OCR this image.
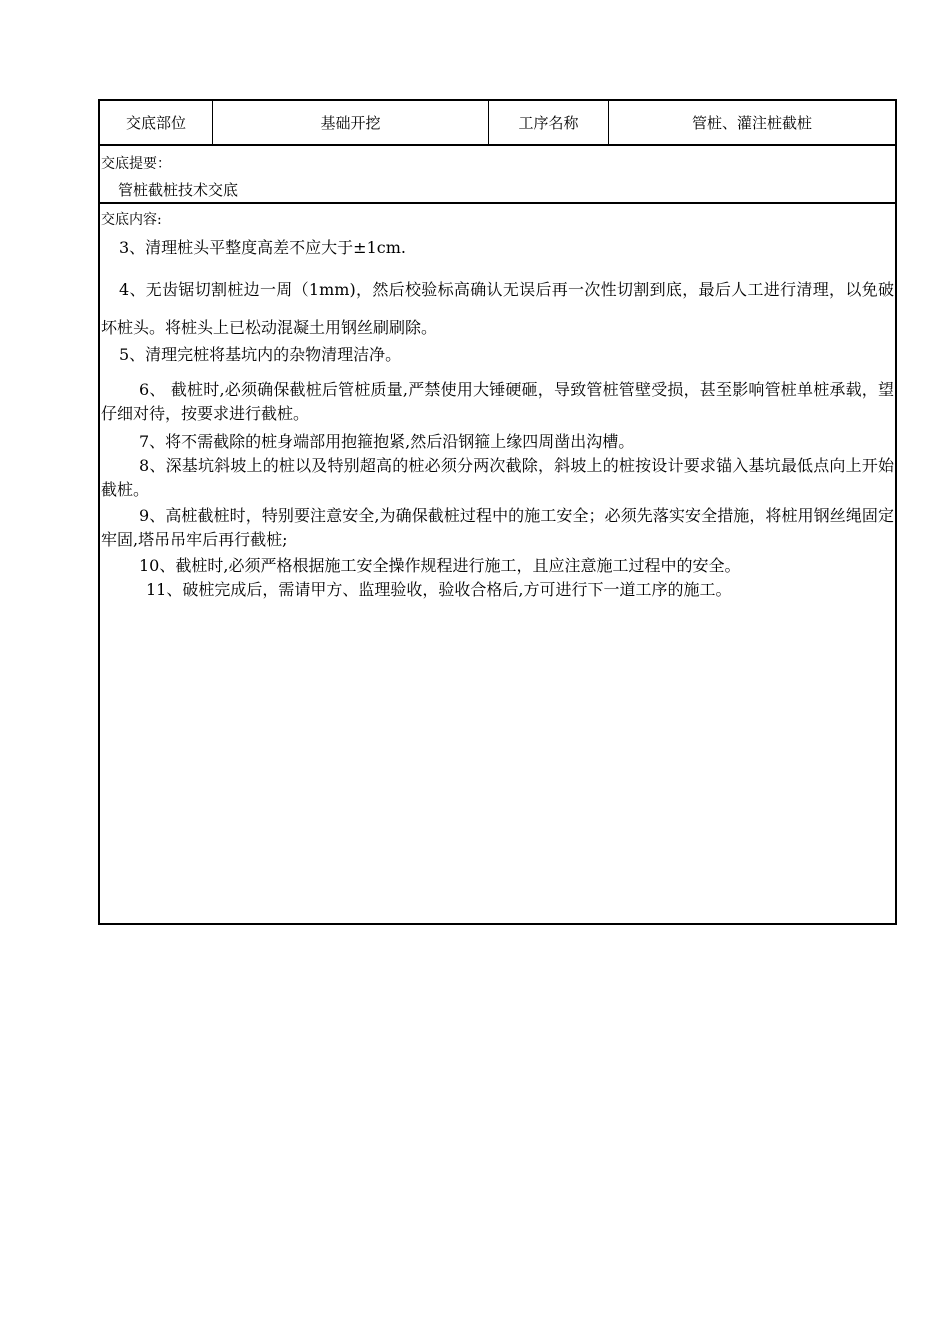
交底部位	基础开挖	工序名称	管桩、灌注桩截桩
交底提要：
管桩截桩技术交底
交底内容:

3、清理桩头平整度高差不应大于±1cm.

4、无齿锯切割桩边一周（1mm)，然后校验标高确认无误后再一次性切割到底，最后人工进行清理，以免破坏桩头。将桩头上已松动混凝土用钢丝刷刷除。

5、清理完桩将基坑内的杂物清理洁净。

6、 截桩时,必须确保截桩后管桩质量,严禁使用大锤硬砸，导致管桩管壁受损，甚至影响管桩单桩承载，望仔细对待，按要求进行截桩。

7、将不需截除的桩身端部用抱箍抱紧,然后沿钢箍上缘四周凿出沟槽。

8、深基坑斜坡上的桩以及特别超高的桩必须分两次截除，斜坡上的桩按设计要求锚入基坑最低点向上开始截桩。

9、高桩截桩时，特别要注意安全,为确保截桩过程中的施工安全；必须先落实安全措施，将桩用钢丝绳固定牢固,塔吊吊牢后再行截桩;

10、截桩时,必须严格根据施工安全操作规程进行施工，且应注意施工过程中的安全。

11、破桩完成后，需请甲方、监理验收，验收合格后,方可进行下一道工序的施工。
